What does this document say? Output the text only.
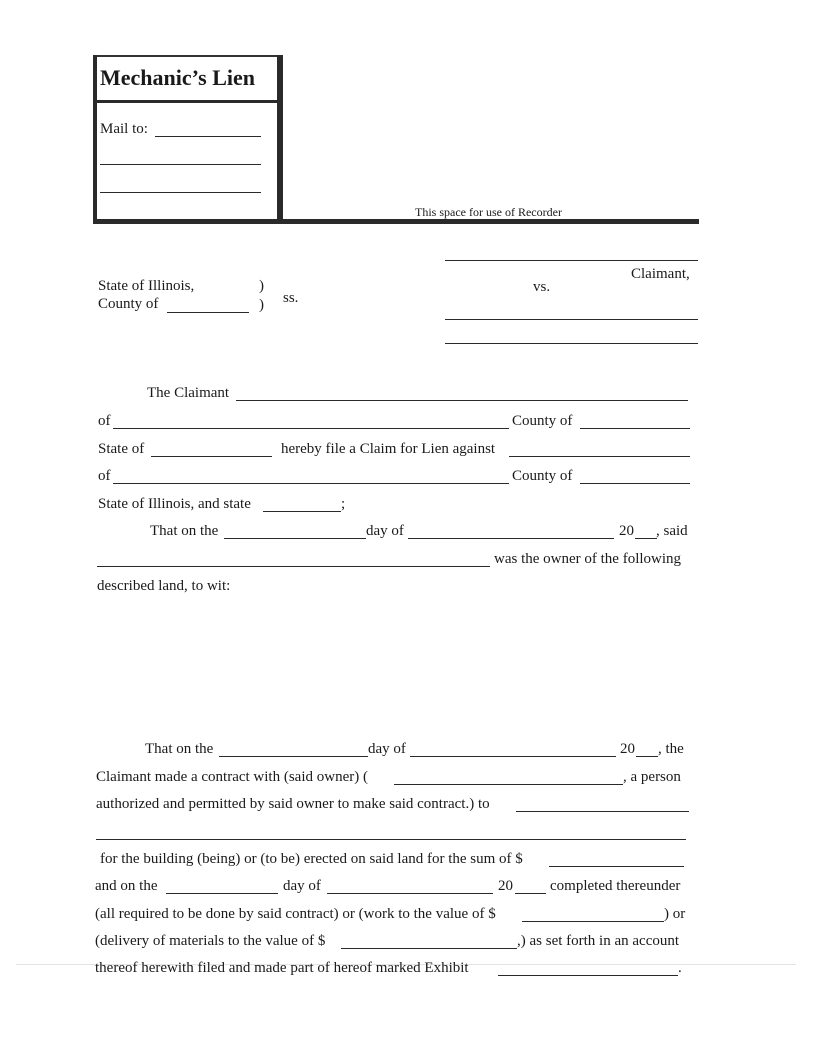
Mechanic’s Lien
Mail to:
This space for use of Recorder
Claimant,
State of Illinois,	)	vs.
County of	) ss.
The Claimant
of	County of
State of	hereby file a Claim for Lien against
of	County of
State of Illinois, and state	;
That on the	day of	20 , said
was the owner of the following
described land, to wit:
That on the	day of	20 , the
Claimant made a contract with (said owner) (	, a person
authorized and permitted by said owner to make said contract.) to
for the building (being) or (to be) erected on said land for the sum of $
and on the	day of	20 completed thereunder
(all required to be done by said contract) or (work to the value of $	) or
(delivery of materials to the value of $	,) as set forth in an account
thereof herewith filed and made part of hereof marked Exhibit	.
